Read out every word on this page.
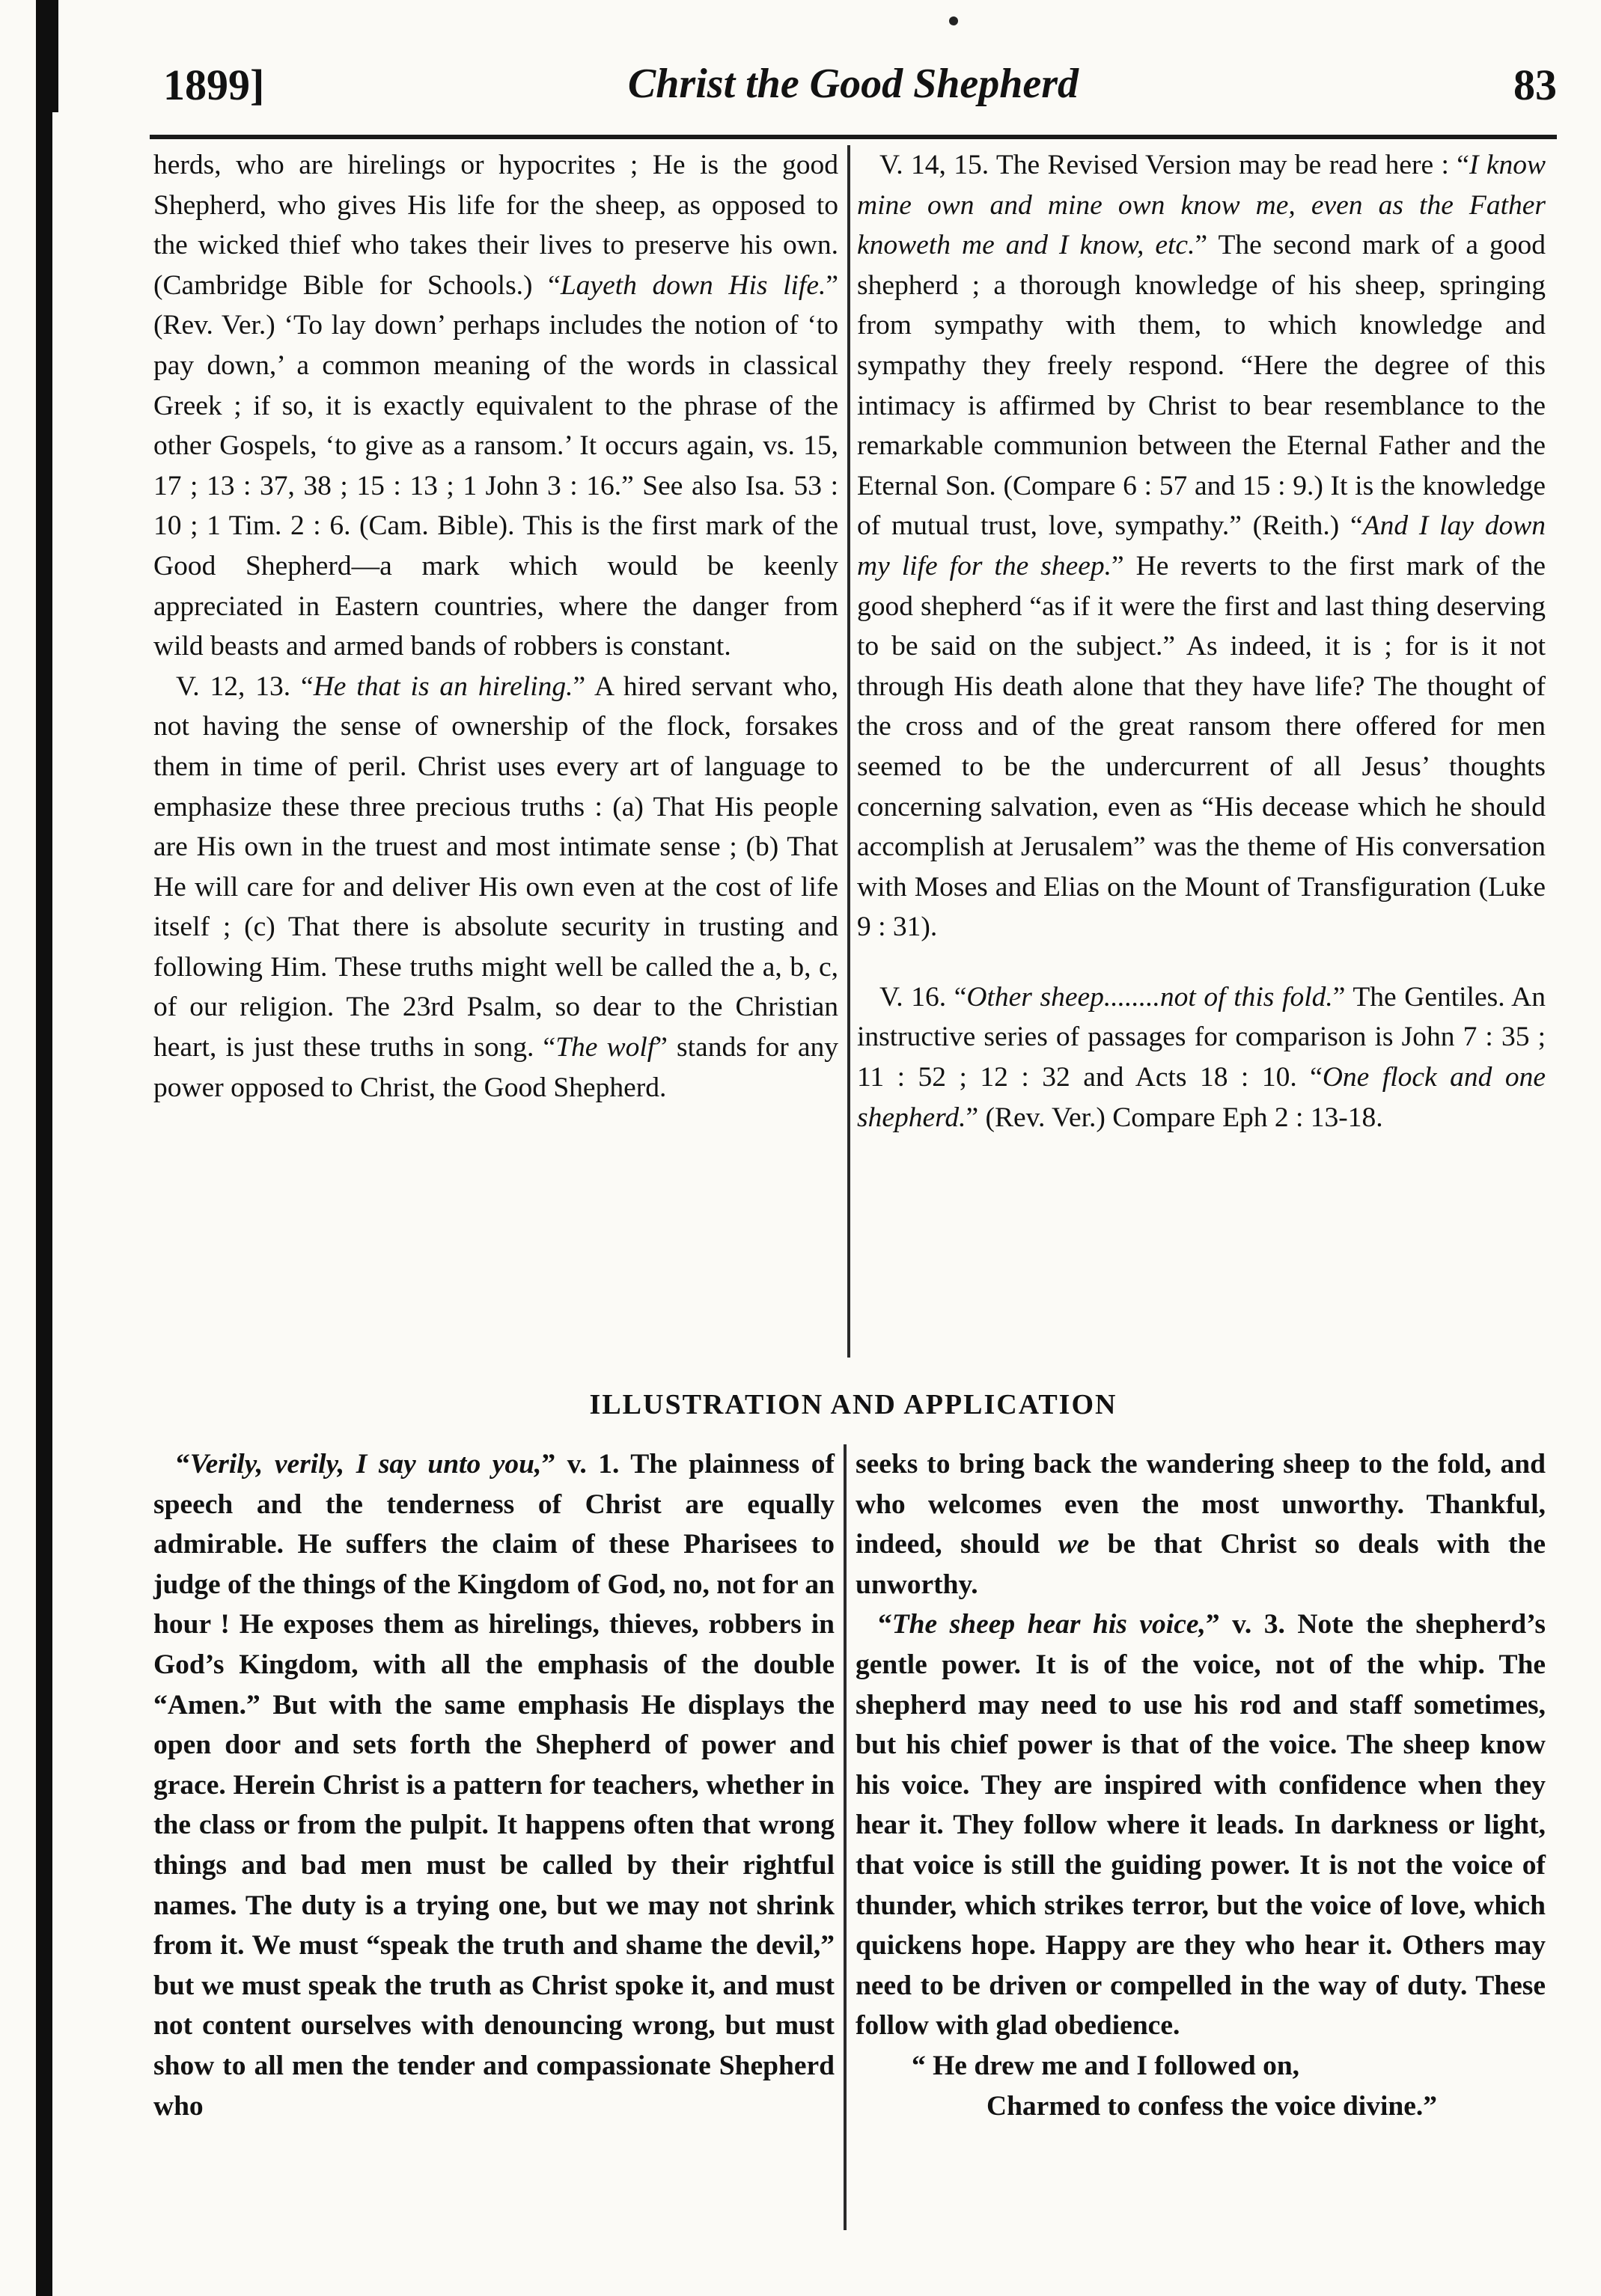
1899]	Christ the Good Shepherd	83

herds, who are hirelings or hypocrites ; He is the good Shepherd, who gives His life for the sheep, as opposed to the wicked thief who takes their lives to preserve his own. (Cambridge Bible for Schools.) “Layeth down His life.” (Rev. Ver.) ‘To lay down’ perhaps includes the notion of ‘to pay down,’ a common meaning of the words in classical Greek ; if so, it is exactly equivalent to the phrase of the other Gospels, ‘to give as a ransom.’ It occurs again, vs. 15, 17 ; 13 : 37, 38 ; 15 : 13 ; 1 John 3 : 16.” See also Isa. 53 : 10 ; 1 Tim. 2 : 6. (Cam. Bible). This is the first mark of the Good Shepherd—a mark which would be keenly appreciated in Eastern countries, where the danger from wild beasts and armed bands of robbers is constant.

V. 12, 13. “He that is an hireling.” A hired servant who, not having the sense of ownership of the flock, forsakes them in time of peril. Christ uses every art of language to emphasize these three precious truths : (a) That His people are His own in the truest and most intimate sense ; (b) That He will care for and deliver His own even at the cost of life itself ; (c) That there is absolute security in trusting and following Him. These truths might well be called the a, b, c, of our religion. The 23rd Psalm, so dear to the Christian heart, is just these truths in song. “The wolf” stands for any power opposed to Christ, the Good Shepherd.

V. 14, 15. The Revised Version may be read here : “I know mine own and mine own know me, even as the Father knoweth me and I know, etc.” The second mark of a good shepherd ; a thorough knowledge of his sheep, springing from sympathy with them, to which knowledge and sympathy they freely respond. “Here the degree of this intimacy is affirmed by Christ to bear resemblance to the remarkable communion between the Eternal Father and the Eternal Son. (Compare 6 : 57 and 15 : 9.) It is the knowledge of mutual trust, love, sympathy.” (Reith.) “And I lay down my life for the sheep.” He reverts to the first mark of the good shepherd “as if it were the first and last thing deserving to be said on the subject.” As indeed, it is ; for is it not through His death alone that they have life? The thought of the cross and of the great ransom there offered for men seemed to be the undercurrent of all Jesus’ thoughts concerning salvation, even as “His decease which he should accomplish at Jerusalem” was the theme of His conversation with Moses and Elias on the Mount of Transfiguration (Luke 9 : 31).

V. 16. “Other sheep........not of this fold.” The Gentiles. An instructive series of passages for comparison is John 7 : 35 ; 11 : 52 ; 12 : 32 and Acts 18 : 10. “One flock and one shepherd.” (Rev. Ver.) Compare Eph 2 : 13-18.

ILLUSTRATION AND APPLICATION

“Verily, verily, I say unto you,” v. 1. The plainness of speech and the tenderness of Christ are equally admirable. He suffers the claim of these Pharisees to judge of the things of the Kingdom of God, no, not for an hour ! He exposes them as hirelings, thieves, robbers in God’s Kingdom, with all the emphasis of the double “Amen.” But with the same emphasis He displays the open door and sets forth the Shepherd of power and grace. Herein Christ is a pattern for teachers, whether in the class or from the pulpit. It happens often that wrong things and bad men must be called by their rightful names. The duty is a trying one, but we may not shrink from it. We must “speak the truth and shame the devil,” but we must speak the truth as Christ spoke it, and must not content ourselves with denouncing wrong, but must show to all men the tender and compassionate Shepherd who

seeks to bring back the wandering sheep to the fold, and who welcomes even the most unworthy. Thankful, indeed, should we be that Christ so deals with the unworthy.

“The sheep hear his voice,” v. 3. Note the shepherd’s gentle power. It is of the voice, not of the whip. The shepherd may need to use his rod and staff sometimes, but his chief power is that of the voice. The sheep know his voice. They are inspired with confidence when they hear it. They follow where it leads. In darkness or light, that voice is still the guiding power. It is not the voice of thunder, which strikes terror, but the voice of love, which quickens hope. Happy are they who hear it. Others may need to be driven or compelled in the way of duty. These follow with glad obedience.

“ He drew me and I followed on,

Charmed to confess the voice divine.”
